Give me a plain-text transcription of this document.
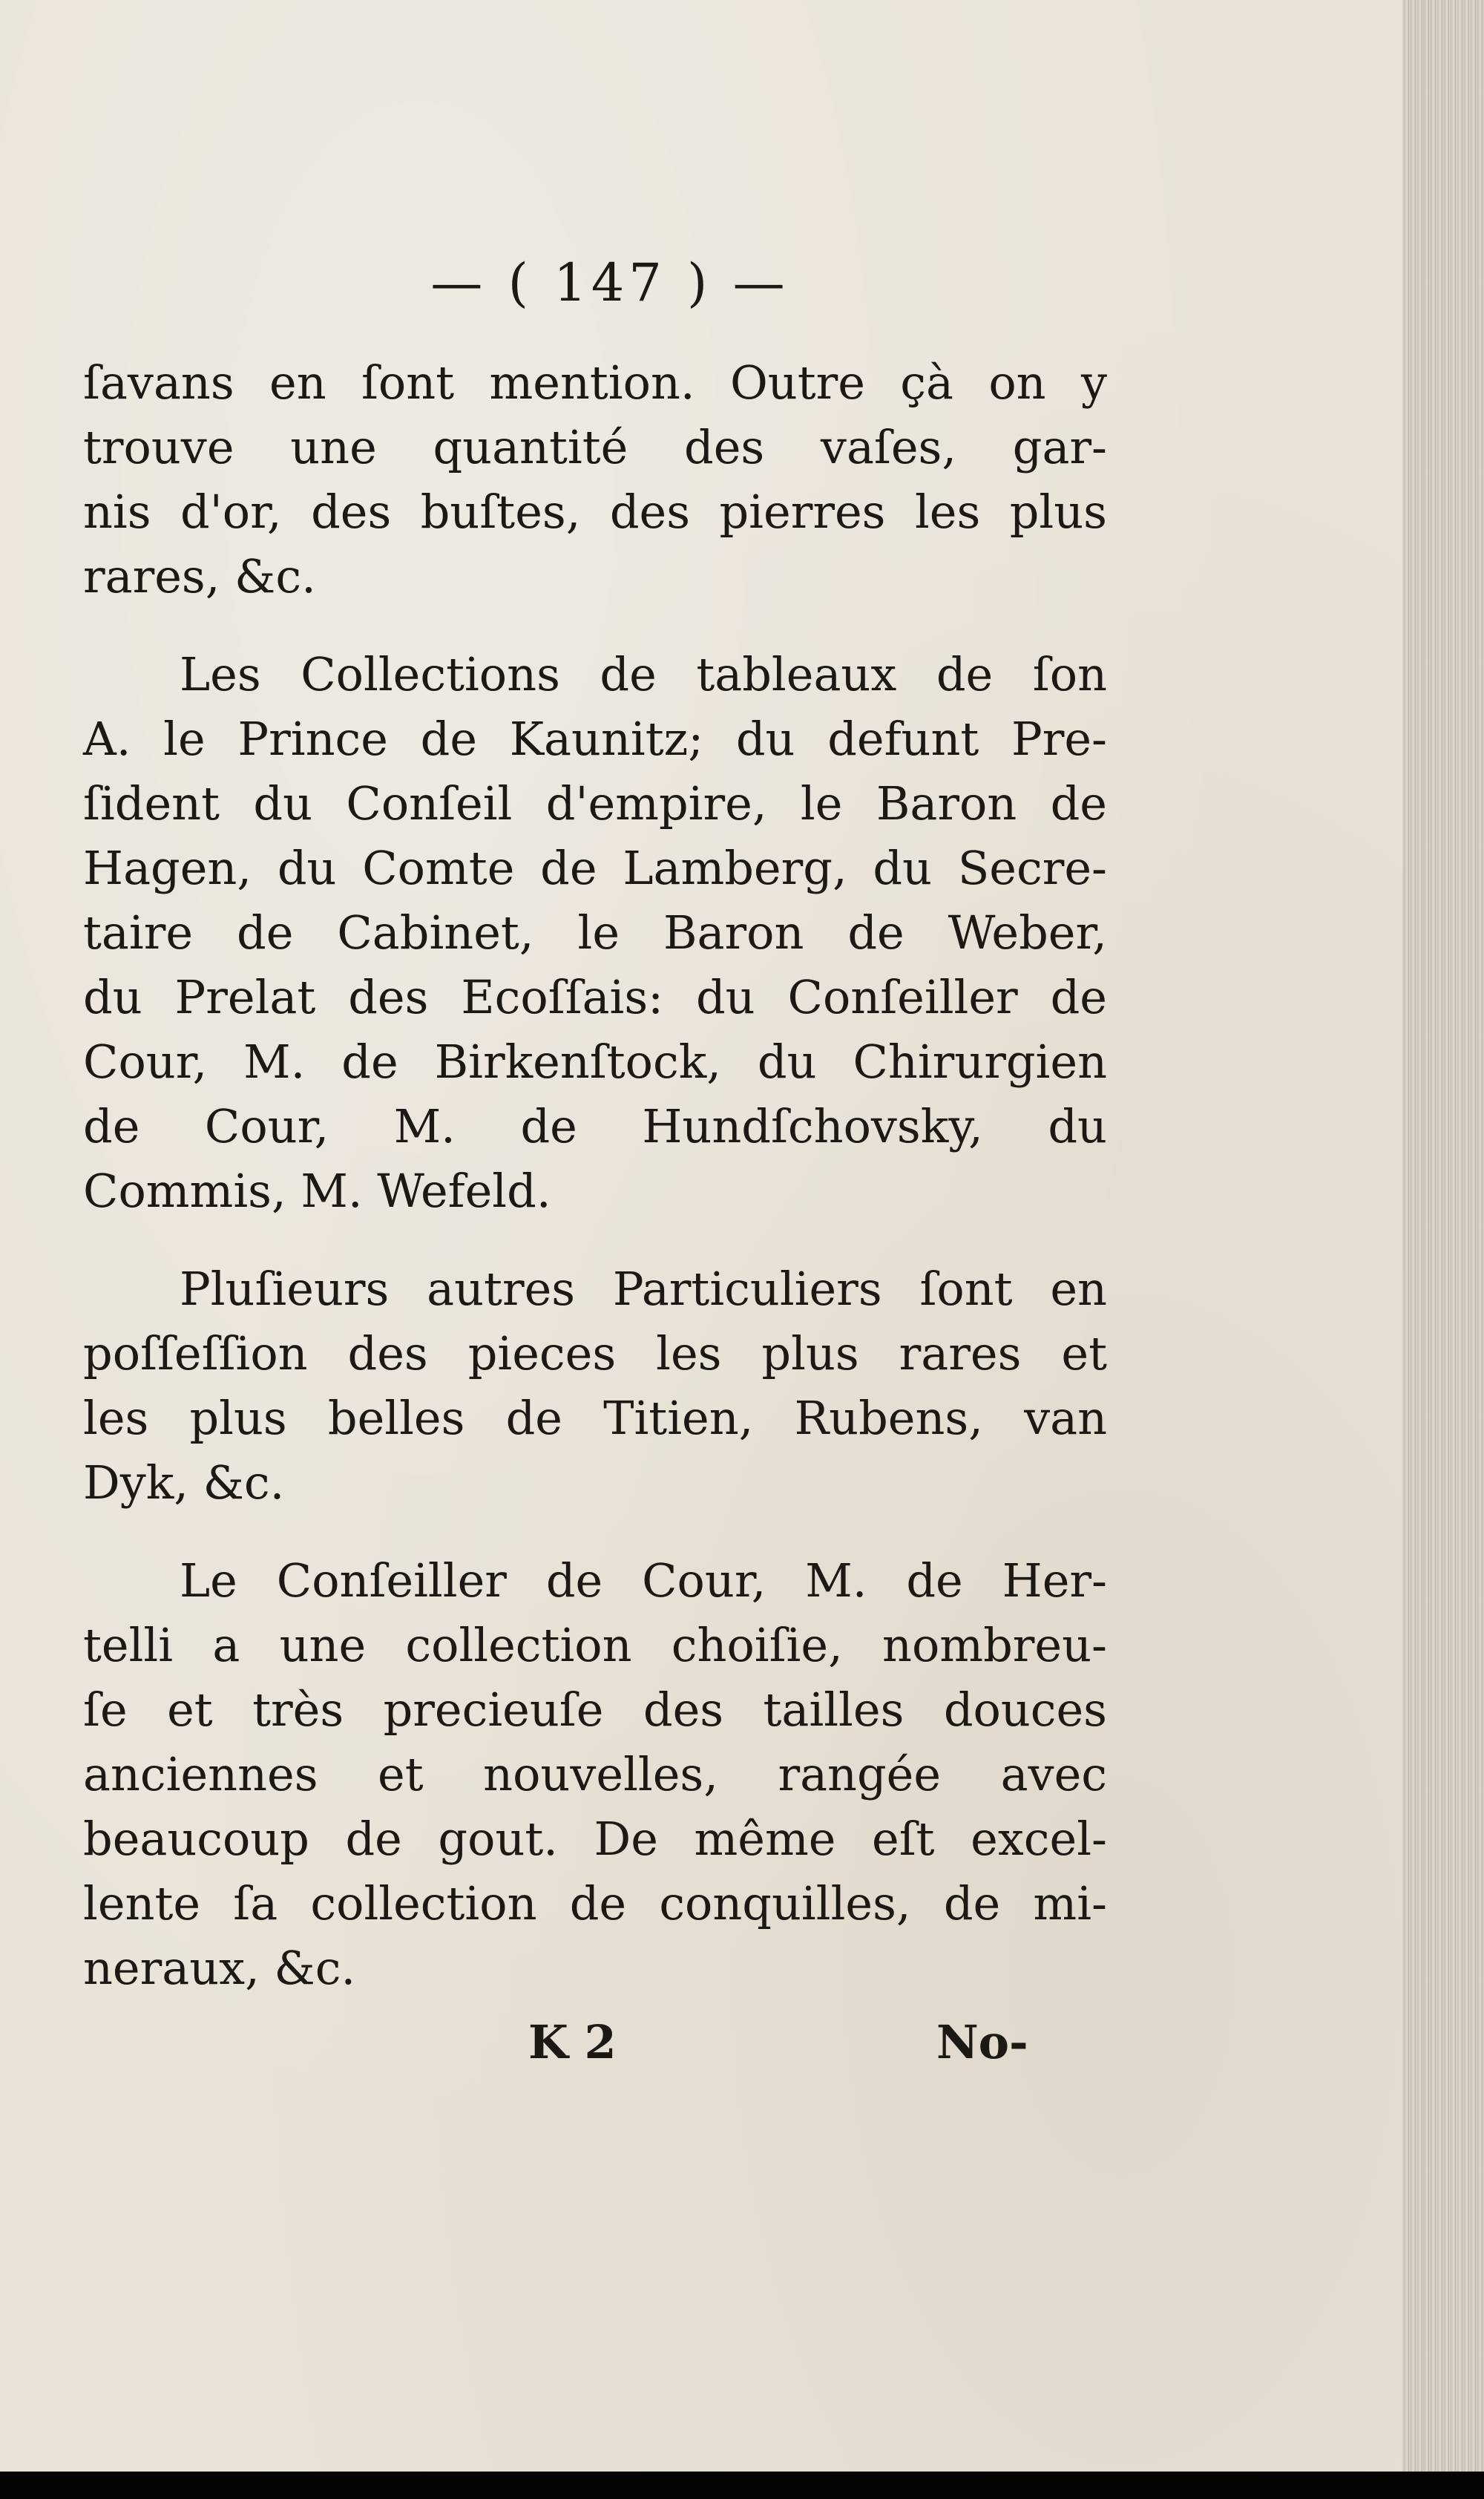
— ( 147 ) —
ſavans en ſont mention. Outre çà on y
trouve une quantité des vaſes, gar-
nis d'or, des buſtes, des pierres les plus
rares, &c.
Les Collections de tableaux de ſon
A. le Prince de Kaunitz; du defunt Pre-
ſident du Conſeil d'empire, le Baron de
Hagen, du Comte de Lamberg, du Secre-
taire de Cabinet, le Baron de Weber,
du Prelat des Ecoſſais: du Conſeiller de
Cour, M. de Birkenſtock, du Chirurgien
de Cour, M. de Hundſchovsky, du
Commis, M. Wefeld.
Pluſieurs autres Particuliers ſont en
poſſeſſion des pieces les plus rares et
les plus belles de Titien, Rubens, van
Dyk, &c.
Le Conſeiller de Cour, M. de Her-
telli a une collection choiſie, nombreu-
ſe et très precieuſe des tailles douces
anciennes et nouvelles, rangée avec
beaucoup de gout. De même eſt excel-
lente ſa collection de conquilles, de mi-
neraux, &c.
K 2	No-
